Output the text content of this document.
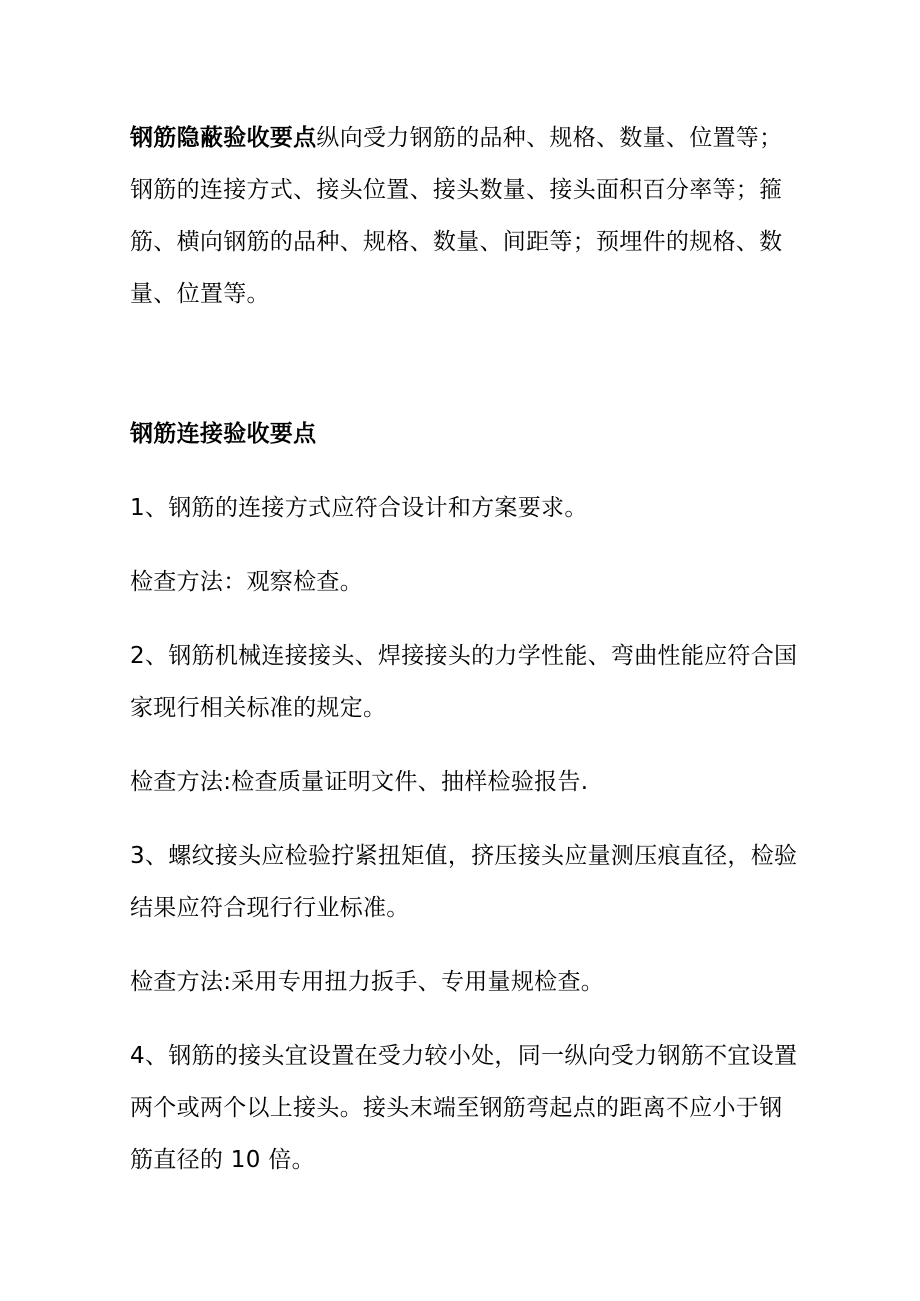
钢筋隐蔽验收要点纵向受力钢筋的品种、规格、数量、位置等；钢筋的连接方式、接头位置、接头数量、接头面积百分率等；箍筋、横向钢筋的品种、规格、数量、间距等；预埋件的规格、数量、位置等。

钢筋连接验收要点

1、钢筋的连接方式应符合设计和方案要求。

检查方法：观察检查。

2、钢筋机械连接接头、焊接接头的力学性能、弯曲性能应符合国家现行相关标准的规定。

检查方法:检查质量证明文件、抽样检验报告.

3、螺纹接头应检验拧紧扭矩值，挤压接头应量测压痕直径，检验结果应符合现行行业标准。

检查方法:采用专用扭力扳手、专用量规检查。

4、钢筋的接头宜设置在受力较小处，同一纵向受力钢筋不宜设置两个或两个以上接头。接头末端至钢筋弯起点的距离不应小于钢筋直径的 10 倍。
